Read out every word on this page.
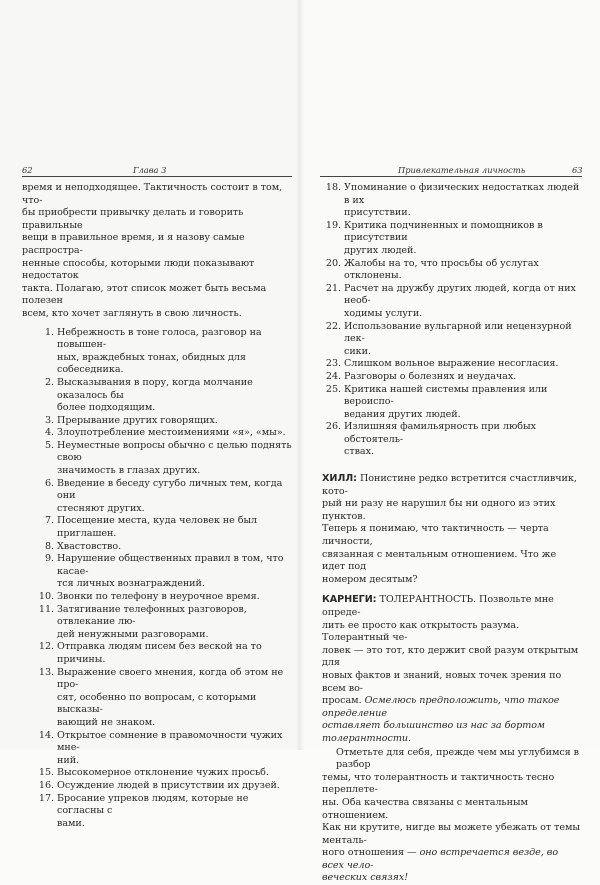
62	Глава 3	Привлекательная личность	63
время и неподходящее. Тактичность состоит в том, что-
бы приобрести привычку делать и говорить правильные
вещи в правильное время, и я назову самые распростра-
ненные способы, которыми люди показывают недостаток
такта. Полагаю, этот список может быть весьма полезен
всем, кто хочет заглянуть в свою личность.
1. Небрежность в тоне голоса, разговор на повышен-
ных, враждебных тонах, обидных для собеседника.
2. Высказывания в пору, когда молчание оказалось бы
более подходящим.
3. Прерывание других говорящих.
4. Злоупотребление местоимениями «я», «мы».
5. Неуместные вопросы обычно с целью поднять свою
значимость в глазах других.
6. Введение в беседу сугубо личных тем, когда они
стесняют других.
7. Посещение места, куда человек не был приглашен.
8. Хвастовство.
9. Нарушение общественных правил в том, что касае-
тся личных вознаграждений.
10. Звонки по телефону в неурочное время.
11. Затягивание телефонных разговоров, отвлекание лю-
дей ненужными разговорами.
12. Отправка людям писем без веской на то причины.
13. Выражение своего мнения, когда об этом не про-
сят, особенно по вопросам, с которыми высказы-
вающий не знаком.
14. Открытое сомнение в правомочности чужих мне-
ний.
15. Высокомерное отклонение чужих просьб.
16. Осуждение людей в присутствии их друзей.
17. Бросание упреков людям, которые не согласны с
вами.
18. Упоминание о физических недостатках людей в их
присутствии.
19. Критика подчиненных и помощников в присутствии
других людей.
20. Жалобы на то, что просьбы об услугах отклонены.
21. Расчет на дружбу других людей, когда от них необ-
ходимы услуги.
22. Использование вульгарной или нецензурной лек-
сики.
23. Слишком вольное выражение несогласия.
24. Разговоры о болезнях и неудачах.
25. Критика нашей системы правления или вероиспо-
ведания других людей.
26. Излишняя фамильярность при любых обстоятель-
ствах.
ХИЛЛ: Понистине редко встретится счастливчик, кото-
рый ни разу не нарушил бы ни одного из этих пунктов.
Теперь я понимаю, что тактичность — черта личности,
связанная с ментальным отношением. Что же идет под
номером десятым?
КАРНЕГИ: ТОЛЕРАНТНОСТЬ. Позвольте мне опреде-
лить ее просто как открытость разума. Толерантный че-
ловек — это тот, кто держит свой разум открытым для
новых фактов и знаний, новых точек зрения по всем во-
просам. Осмелюсь предположить, что такое определение
оставляет большинство из нас за бортом толерантности.
Отметьте для себя, прежде чем мы углубимся в разбор
темы, что толерантность и тактичность тесно переплете-
ны. Оба качества связаны с ментальным отношением.
Как ни крутите, нигде вы можете убежать от темы менталь-
ного отношения — оно встречается везде, во всех чело-
веческих связях!
